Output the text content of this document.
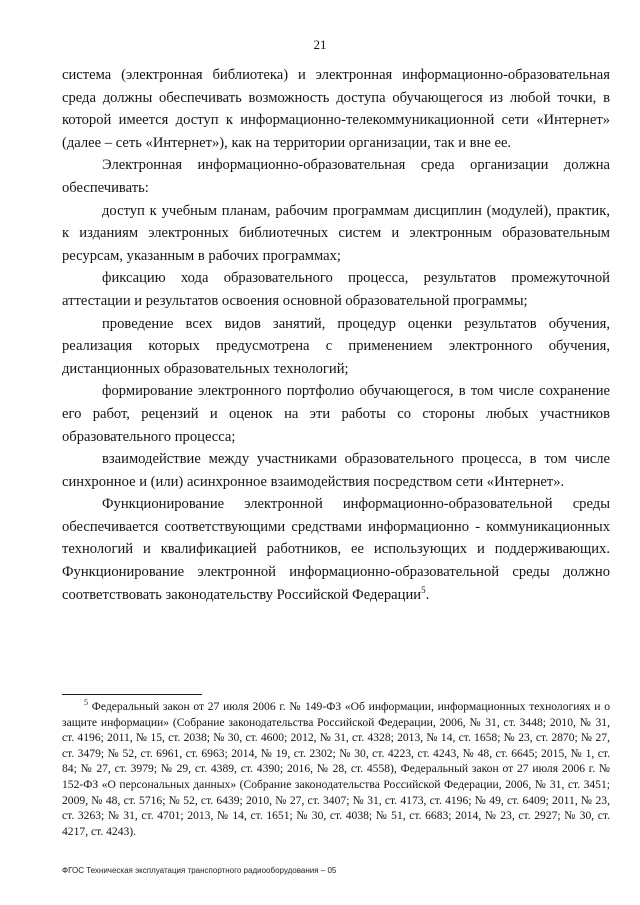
21

система (электронная библиотека) и электронная информационно-образовательная среда должны обеспечивать возможность доступа обучающегося из любой точки, в которой имеется доступ к информационно-телекоммуникационной сети «Интернет» (далее – сеть «Интернет»), как на территории организации, так и вне ее.

Электронная информационно-образовательная среда организации должна обеспечивать:

доступ к учебным планам, рабочим программам дисциплин (модулей), практик, к изданиям электронных библиотечных систем и электронным образовательным ресурсам, указанным в рабочих программах;

фиксацию хода образовательного процесса, результатов промежуточной аттестации и результатов освоения основной образовательной программы;

проведение всех видов занятий, процедур оценки результатов обучения, реализация которых предусмотрена с применением электронного обучения, дистанционных образовательных технологий;

формирование электронного портфолио обучающегося, в том числе сохранение его работ, рецензий и оценок на эти работы со стороны любых участников образовательного процесса;

взаимодействие между участниками образовательного процесса, в том числе синхронное и (или) асинхронное взаимодействия посредством сети «Интернет».

Функционирование электронной информационно-образовательной среды обеспечивается соответствующими средствами информационно - коммуникационных технологий и квалификацией работников, ее использующих и поддерживающих. Функционирование электронной информационно-образовательной среды должно соответствовать законодательству Российской Федерации$^5$.

$^5$ Федеральный закон от 27 июля 2006 г. № 149-ФЗ «Об информации, информационных технологиях и о защите информации» (Собрание законодательства Российской Федерации, 2006, № 31, ст. 3448; 2010, № 31, ст. 4196; 2011, № 15, ст. 2038; № 30, ст. 4600; 2012, № 31, ст. 4328; 2013, № 14, ст. 1658; № 23, ст. 2870; № 27, ст. 3479; № 52, ст. 6961, ст. 6963; 2014, № 19, ст. 2302; № 30, ст. 4223, ст. 4243, № 48, ст. 6645; 2015, № 1, ст. 84; № 27, ст. 3979; № 29, ст. 4389, ст. 4390; 2016, № 28, ст. 4558), Федеральный закон от 27 июля 2006 г. № 152-ФЗ «О персональных данных» (Собрание законодательства Российской Федерации, 2006, № 31, ст. 3451; 2009, № 48, ст. 5716; № 52, ст. 6439; 2010, № 27, ст. 3407; № 31, ст. 4173, ст. 4196; № 49, ст. 6409; 2011, № 23, ст. 3263; № 31, ст. 4701; 2013, № 14, ст. 1651; № 30, ст. 4038; № 51, ст. 6683; 2014, № 23, ст. 2927; № 30, ст. 4217, ст. 4243).

ФГОС Техническая эксплуатация транспортного радиооборудования – 05
